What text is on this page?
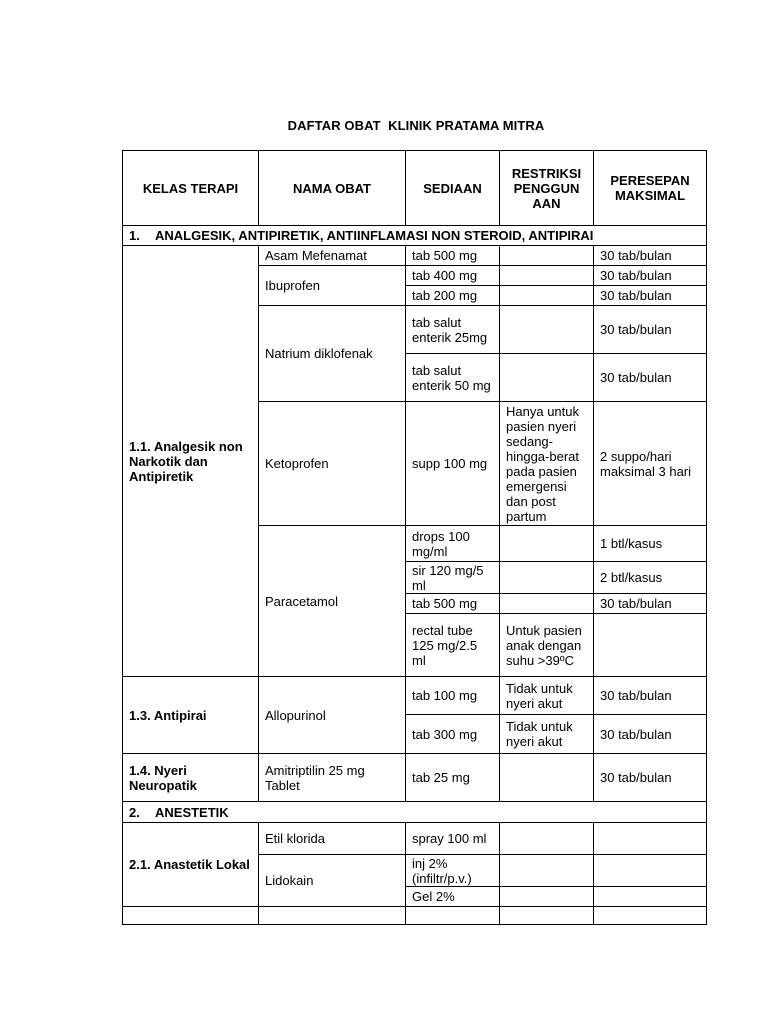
DAFTAR OBAT  KLINIK PRATAMA MITRA
KELAS TERAPI	NAMA OBAT	SEDIAAN	RESTRIKSI PENGGUN AAN	PERESEPAN MAKSIMAL
1. ANALGESIK, ANTIPIRETIK, ANTIINFLAMASI NON STEROID, ANTIPIRAI				
1.1. Analgesik non Narkotik dan Antipiretik	Asam Mefenamat	tab 500 mg		30 tab/bulan
	Ibuprofen	tab 400 mg		30 tab/bulan
		tab 200 mg		30 tab/bulan
	Natrium diklofenak	tab salut enterik 25mg		30 tab/bulan
		tab salut enterik 50 mg		30 tab/bulan
	Ketoprofen	supp 100 mg	Hanya untuk pasien nyeri sedang-hingga-berat pada pasien emergensi dan post partum	2 suppo/hari maksimal 3 hari
	Paracetamol	drops 100 mg/ml		1 btl/kasus
		sir 120 mg/5 ml		2 btl/kasus
		tab 500 mg		30 tab/bulan
		rectal tube 125 mg/2.5 ml	Untuk pasien anak dengan suhu >39ºC	
1.3. Antipirai	Allopurinol	tab 100 mg	Tidak untuk nyeri akut	30 tab/bulan
		tab 300 mg	Tidak untuk nyeri akut	30 tab/bulan
1.4. Nyeri Neuropatik	Amitriptilin 25 mg Tablet	tab 25 mg		30 tab/bulan
2. ANESTETIK				
2.1. Anastetik Lokal	Etil klorida	spray 100 ml		
	Lidokain	inj 2% (infiltr/p.v.)		
		Gel 2%		
